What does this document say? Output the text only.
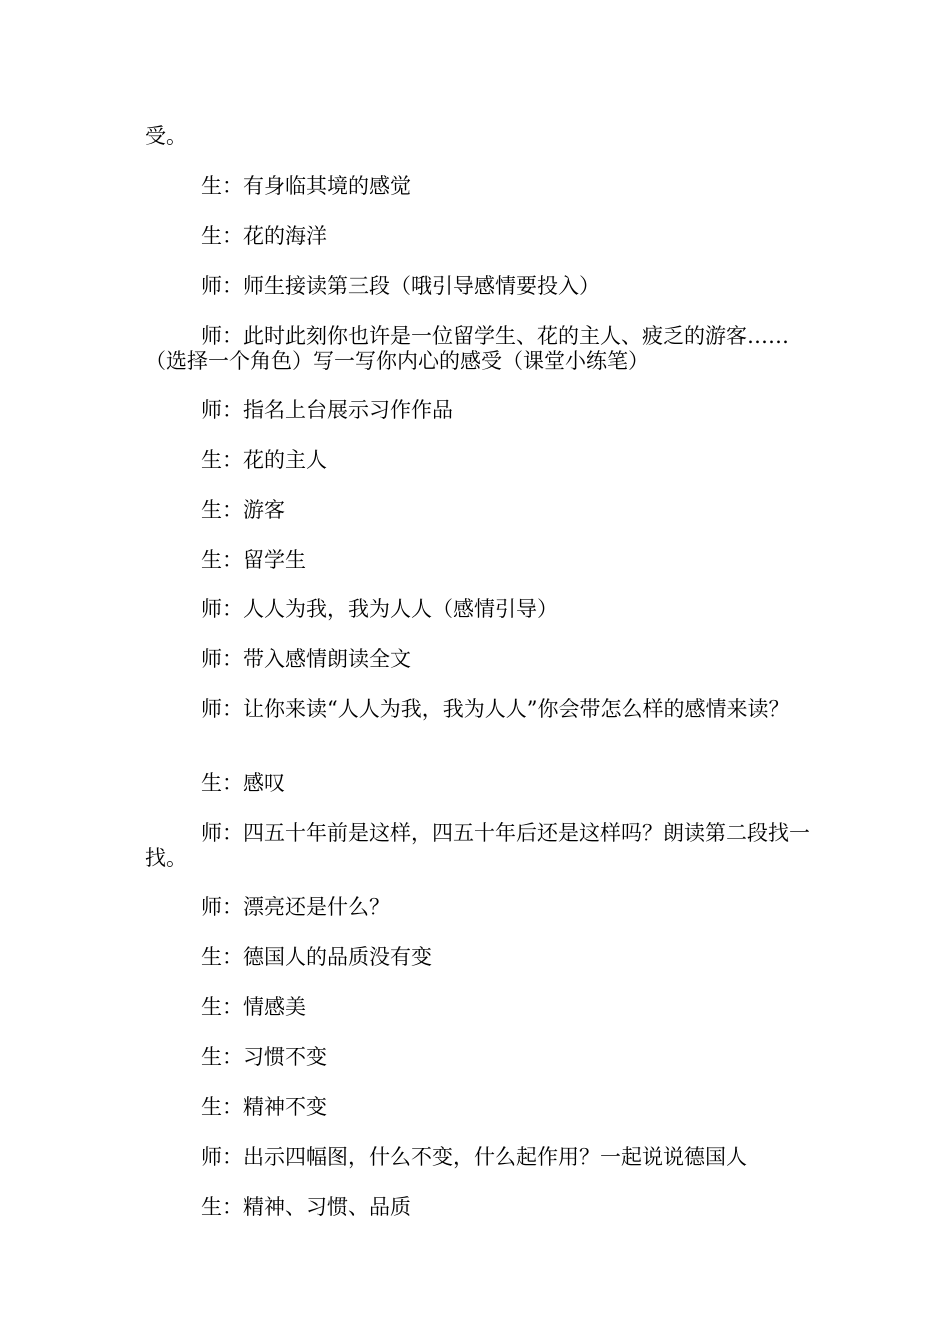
受。

生：有身临其境的感觉

生：花的海洋

师：师生接读第三段（哦引导感情要投入）

师：此时此刻你也许是一位留学生、花的主人、疲乏的游客……（选择一个角色）写一写你内心的感受（课堂小练笔）

师：指名上台展示习作作品

生：花的主人

生：游客

生：留学生

师：人人为我，我为人人（感情引导）

师：带入感情朗读全文

师：让你来读“人人为我，我为人人”你会带怎么样的感情来读？

生：感叹

师：四五十年前是这样，四五十年后还是这样吗？朗读第二段找一找。

师：漂亮还是什么？

生：德国人的品质没有变

生：情感美

生：习惯不变

生：精神不变

师：出示四幅图，什么不变，什么起作用？一起说说德国人

生：精神、习惯、品质
